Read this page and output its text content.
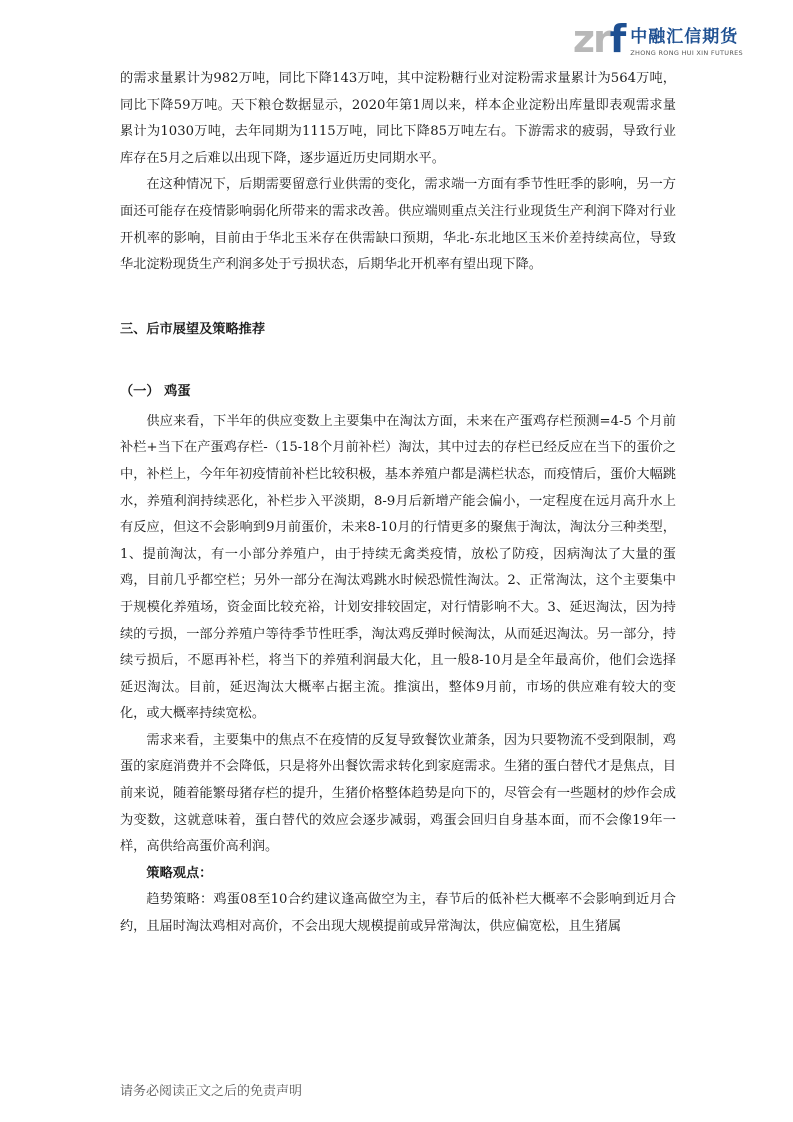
zrf 中融汇信期货
ZHONG RONG HUI XIN FUTURES

的需求量累计为982万吨，同比下降143万吨，其中淀粉糖行业对淀粉需求量累计为564万吨，同比下降59万吨。天下粮仓数据显示，2020年第1周以来，样本企业淀粉出库量即表观需求量累计为1030万吨，去年同期为1115万吨，同比下降85万吨左右。下游需求的疲弱，导致行业库存在5月之后难以出现下降，逐步逼近历史同期水平。

在这种情况下，后期需要留意行业供需的变化，需求端一方面有季节性旺季的影响，另一方面还可能存在疫情影响弱化所带来的需求改善。供应端则重点关注行业现货生产利润下降对行业开机率的影响，目前由于华北玉米存在供需缺口预期，华北-东北地区玉米价差持续高位，导致华北淀粉现货生产利润多处于亏损状态，后期华北开机率有望出现下降。

三、后市展望及策略推荐
（一） 鸡蛋

供应来看，下半年的供应变数上主要集中在淘汰方面，未来在产蛋鸡存栏预测=4-5 个月前补栏+当下在产蛋鸡存栏-（15-18个月前补栏）淘汰，其中过去的存栏已经反应在当下的蛋价之中，补栏上，今年年初疫情前补栏比较积极，基本养殖户都是满栏状态，而疫情后，蛋价大幅跳水，养殖利润持续恶化，补栏步入平淡期，8-9月后新增产能会偏小，一定程度在远月高升水上有反应，但这不会影响到9月前蛋价，未来8-10月的行情更多的聚焦于淘汰，淘汰分三种类型，1、提前淘汰，有一小部分养殖户，由于持续无禽类疫情，放松了防疫，因病淘汰了大量的蛋鸡，目前几乎都空栏；另外一部分在淘汰鸡跳水时候恐慌性淘汰。2、正常淘汰，这个主要集中于规模化养殖场，资金面比较充裕，计划安排较固定，对行情影响不大。3、延迟淘汰，因为持续的亏损，一部分养殖户等待季节性旺季，淘汰鸡反弹时候淘汰，从而延迟淘汰。另一部分，持续亏损后，不愿再补栏，将当下的养殖利润最大化，且一般8-10月是全年最高价，他们会选择延迟淘汰。目前，延迟淘汰大概率占据主流。推演出，整体9月前，市场的供应难有较大的变化，或大概率持续宽松。

需求来看，主要集中的焦点不在疫情的反复导致餐饮业萧条，因为只要物流不受到限制，鸡蛋的家庭消费并不会降低，只是将外出餐饮需求转化到家庭需求。生猪的蛋白替代才是焦点，目前来说，随着能繁母猪存栏的提升，生猪价格整体趋势是向下的，尽管会有一些题材的炒作会成为变数，这就意味着，蛋白替代的效应会逐步减弱，鸡蛋会回归自身基本面，而不会像19年一样，高供给高蛋价高利润。

策略观点：

趋势策略：鸡蛋08至10合约建议逢高做空为主，春节后的低补栏大概率不会影响到近月合约，且届时淘汰鸡相对高价，不会出现大规模提前或异常淘汰，供应偏宽松，且生猪属

请务必阅读正文之后的免责声明
